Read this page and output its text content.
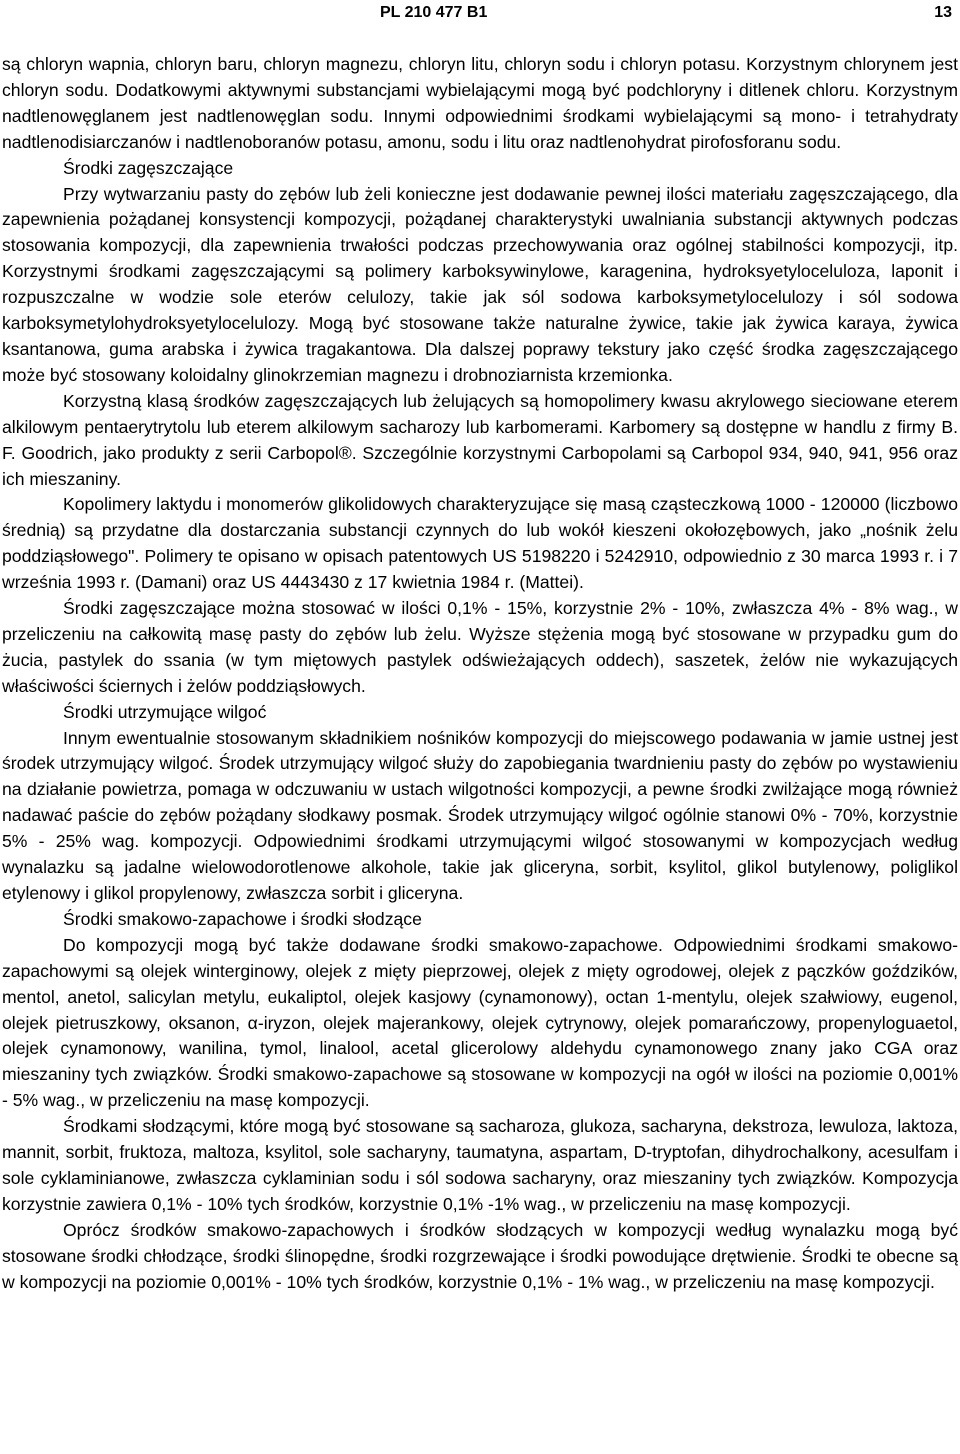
PL 210 477 B1	13

są chloryn wapnia, chloryn baru, chloryn magnezu, chloryn litu, chloryn sodu i chloryn potasu. Korzystnym chlorynem jest chloryn sodu. Dodatkowymi aktywnymi substancjami wybielającymi mogą być podchloryny i ditlenek chloru. Korzystnym nadtlenowęglanem jest nadtlenowęglan sodu. Innymi odpowiednimi środkami wybielającymi są mono- i tetrahydraty nadtlenodisiarczanów i nadtlenoboranów potasu, amonu, sodu i litu oraz nadtlenohydrat pirofosforanu sodu.

Środki zagęszczające

Przy wytwarzaniu pasty do zębów lub żeli konieczne jest dodawanie pewnej ilości materiału zagęszczającego, dla zapewnienia pożądanej konsystencji kompozycji, pożądanej charakterystyki uwalniania substancji aktywnych podczas stosowania kompozycji, dla zapewnienia trwałości podczas przechowywania oraz ogólnej stabilności kompozycji, itp. Korzystnymi środkami zagęszczającymi są polimery karboksywinylowe, karagenina, hydroksyetyloceluloza, laponit i rozpuszczalne w wodzie sole eterów celulozy, takie jak sól sodowa karboksymetylocelulozy i sól sodowa karboksymetylohydroksyetylocelulozy. Mogą być stosowane także naturalne żywice, takie jak żywica karaya, żywica ksantanowa, guma arabska i żywica tragakantowa. Dla dalszej poprawy tekstury jako część środka zagęszczającego może być stosowany koloidalny glinokrzemian magnezu i drobnoziarnista krzemionka.

Korzystną klasą środków zagęszczających lub żelujących są homopolimery kwasu akrylowego sieciowane eterem alkilowym pentaerytrytolu lub eterem alkilowym sacharozy lub karbomerami. Karbomery są dostępne w handlu z firmy B. F. Goodrich, jako produkty z serii Carbopol®. Szczególnie korzystnymi Carbopolami są Carbopol 934, 940, 941, 956 oraz ich mieszaniny.

Kopolimery laktydu i monomerów glikolidowych charakteryzujące się masą cząsteczkową 1000 - 120000 (liczbowo średnią) są przydatne dla dostarczania substancji czynnych do lub wokół kieszeni okołozębowych, jako „nośnik żelu poddziąsłowego". Polimery te opisano w opisach patentowych US 5198220 i 5242910, odpowiednio z 30 marca 1993 r. i 7 września 1993 r. (Damani) oraz US 4443430 z 17 kwietnia 1984 r. (Mattei).

Środki zagęszczające można stosować w ilości 0,1% - 15%, korzystnie 2% - 10%, zwłaszcza 4% - 8% wag., w przeliczeniu na całkowitą masę pasty do zębów lub żelu. Wyższe stężenia mogą być stosowane w przypadku gum do żucia, pastylek do ssania (w tym miętowych pastylek odświeżających oddech), saszetek, żelów nie wykazujących właściwości ściernych i żelów poddziąsłowych.

Środki utrzymujące wilgoć

Innym ewentualnie stosowanym składnikiem nośników kompozycji do miejscowego podawania w jamie ustnej jest środek utrzymujący wilgoć. Środek utrzymujący wilgoć służy do zapobiegania twardnieniu pasty do zębów po wystawieniu na działanie powietrza, pomaga w odczuwaniu w ustach wilgotności kompozycji, a pewne środki zwilżające mogą również nadawać paście do zębów pożądany słodkawy posmak. Środek utrzymujący wilgoć ogólnie stanowi 0% - 70%, korzystnie 5% - 25% wag. kompozycji. Odpowiednimi środkami utrzymującymi wilgoć stosowanymi w kompozycjach według wynalazku są jadalne wielowodorotlenowe alkohole, takie jak gliceryna, sorbit, ksylitol, glikol butylenowy, poliglikol etylenowy i glikol propylenowy, zwłaszcza sorbit i gliceryna.

Środki smakowo-zapachowe i środki słodzące

Do kompozycji mogą być także dodawane środki smakowo-zapachowe. Odpowiednimi środkami smakowo-zapachowymi są olejek winterginowy, olejek z mięty pieprzowej, olejek z mięty ogrodowej, olejek z pączków goździków, mentol, anetol, salicylan metylu, eukaliptol, olejek kasjowy (cynamonowy), octan 1-mentylu, olejek szałwiowy, eugenol, olejek pietruszkowy, oksanon, α-iryzon, olejek majerankowy, olejek cytrynowy, olejek pomarańczowy, propenyloguaetol, olejek cynamonowy, wanilina, tymol, linalool, acetal glicerolowy aldehydu cynamonowego znany jako CGA oraz mieszaniny tych związków. Środki smakowo-zapachowe są stosowane w kompozycji na ogół w ilości na poziomie 0,001% - 5% wag., w przeliczeniu na masę kompozycji.

Środkami słodzącymi, które mogą być stosowane są sacharoza, glukoza, sacharyna, dekstroza, lewuloza, laktoza, mannit, sorbit, fruktoza, maltoza, ksylitol, sole sacharyny, taumatyna, aspartam, D-tryptofan, dihydrochalkony, acesulfam i sole cyklaminianowe, zwłaszcza cyklaminian sodu i sól sodowa sacharyny, oraz mieszaniny tych związków. Kompozycja korzystnie zawiera 0,1% - 10% tych środków, korzystnie 0,1% -1% wag., w przeliczeniu na masę kompozycji.

Oprócz środków smakowo-zapachowych i środków słodzących w kompozycji według wynalazku mogą być stosowane środki chłodzące, środki ślinopędne, środki rozgrzewające i środki powodujące drętwienie. Środki te obecne są w kompozycji na poziomie 0,001% - 10% tych środków, korzystnie 0,1% - 1% wag., w przeliczeniu na masę kompozycji.
